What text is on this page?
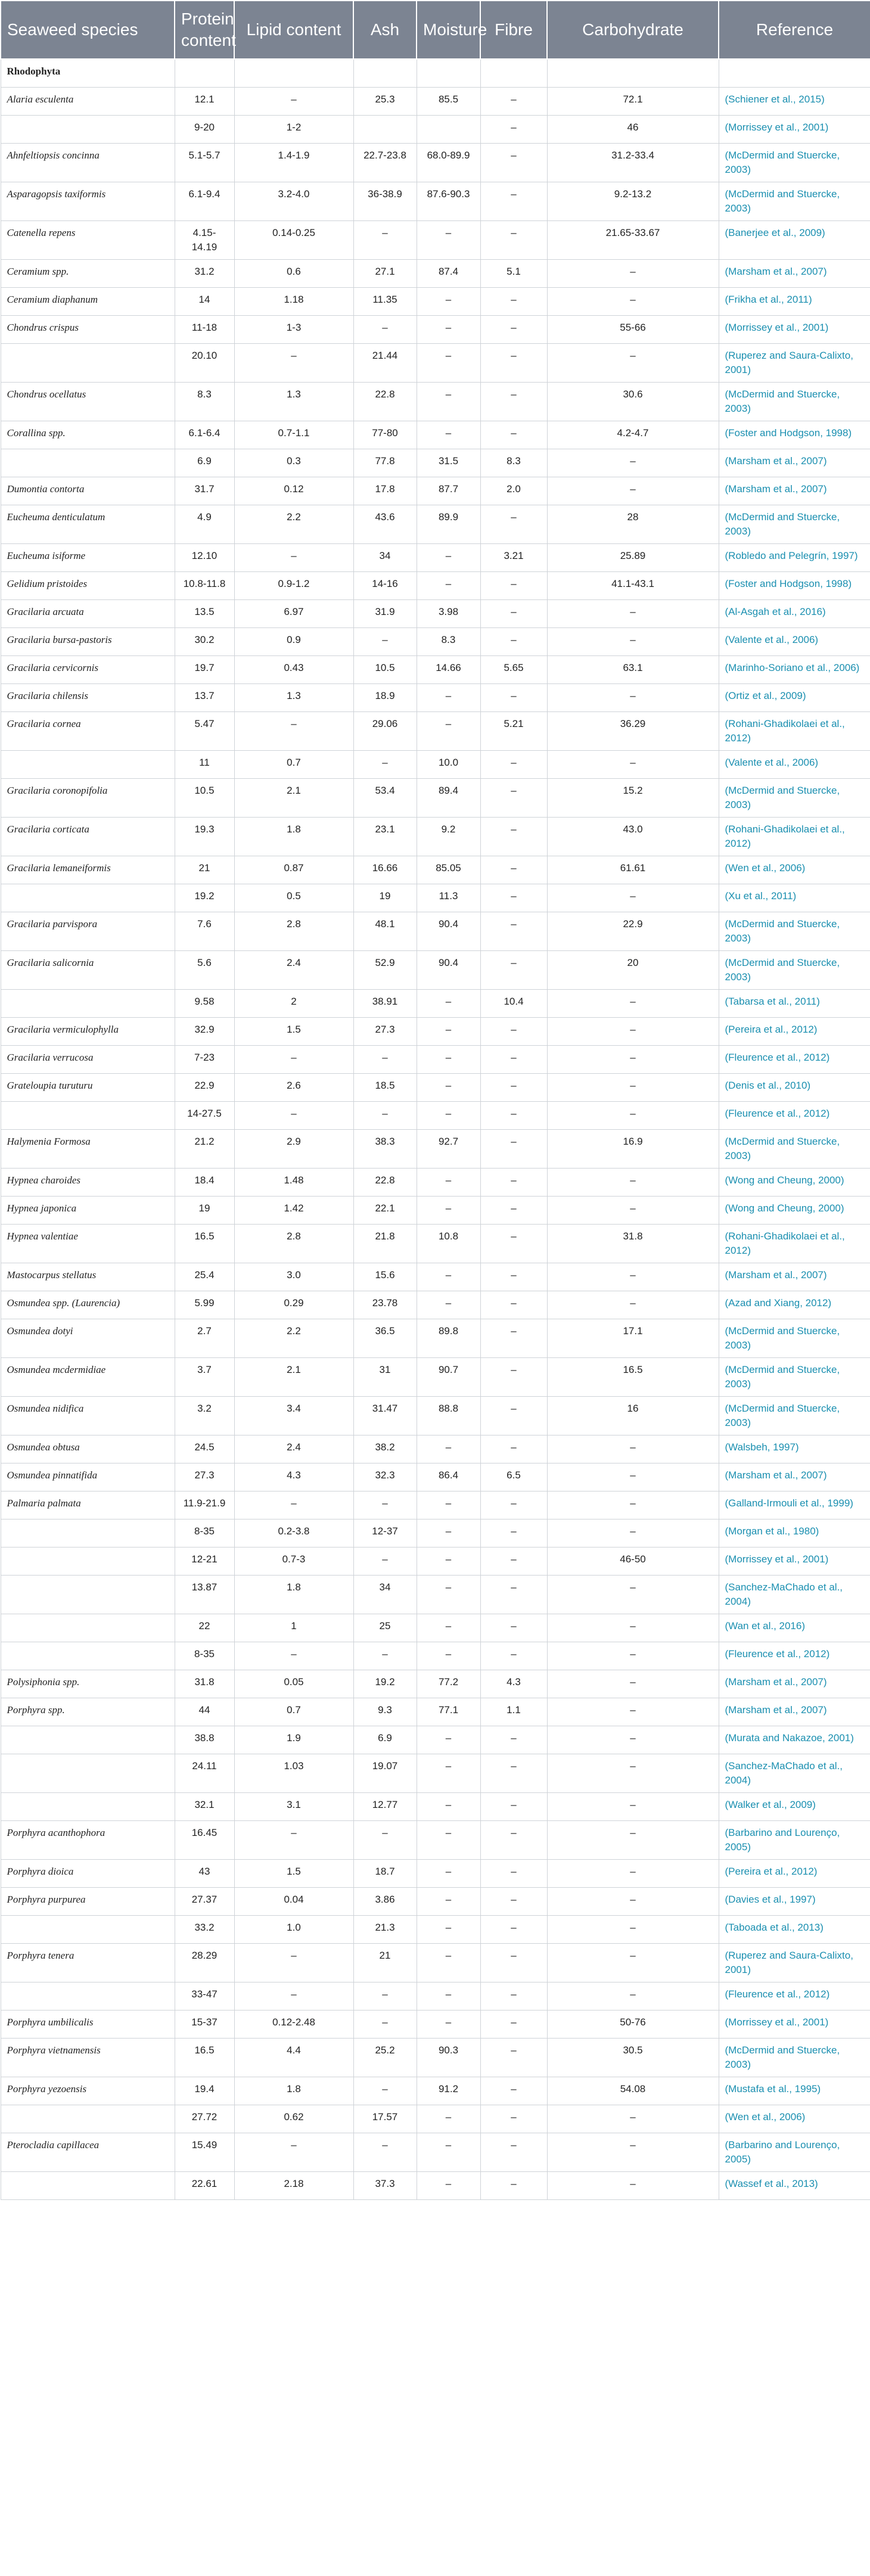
Seaweed species	Protein content	Lipid content	Ash	Moisture	Fibre	Carbohydrate	Reference
Rhodophyta							
Alaria esculenta	12.1	–	25.3	85.5	–	72.1	(Schiener et al., 2015)
	9-20	1-2			–	46	(Morrissey et al., 2001)
Ahnfeltiopsis concinna	5.1-5.7	1.4-1.9	22.7-23.8	68.0-89.9	–	31.2-33.4	(McDermid and Stuercke, 2003)
Asparagopsis taxiformis	6.1-9.4	3.2-4.0	36-38.9	87.6-90.3	–	9.2-13.2	(McDermid and Stuercke, 2003)
Catenella repens	4.15-14.19	0.14-0.25	–	–	–	21.65-33.67	(Banerjee et al., 2009)
Ceramium spp.	31.2	0.6	27.1	87.4	5.1	–	(Marsham et al., 2007)
Ceramium diaphanum	14	1.18	11.35	–	–	–	(Frikha et al., 2011)
Chondrus crispus	11-18	1-3	–	–	–	55-66	(Morrissey et al., 2001)
	20.10	–	21.44	–	–	–	(Ruperez and Saura-Calixto, 2001)
Chondrus ocellatus	8.3	1.3	22.8	–	–	30.6	(McDermid and Stuercke, 2003)
Corallina spp.	6.1-6.4	0.7-1.1	77-80	–	–	4.2-4.7	(Foster and Hodgson, 1998)
	6.9	0.3	77.8	31.5	8.3	–	(Marsham et al., 2007)
Dumontia contorta	31.7	0.12	17.8	87.7	2.0	–	(Marsham et al., 2007)
Eucheuma denticulatum	4.9	2.2	43.6	89.9	–	28	(McDermid and Stuercke, 2003)
Eucheuma isiforme	12.10	–	34	–	3.21	25.89	(Robledo and Pelegrín, 1997)
Gelidium pristoides	10.8-11.8	0.9-1.2	14-16	–	–	41.1-43.1	(Foster and Hodgson, 1998)
Gracilaria arcuata	13.5	6.97	31.9	3.98	–	–	(Al-Asgah et al., 2016)
Gracilaria bursa-pastoris	30.2	0.9	–	8.3	–	–	(Valente et al., 2006)
Gracilaria cervicornis	19.7	0.43	10.5	14.66	5.65	63.1	(Marinho-Soriano et al., 2006)
Gracilaria chilensis	13.7	1.3	18.9	–	–	–	(Ortiz et al., 2009)
Gracilaria cornea	5.47	–	29.06	–	5.21	36.29	(Rohani-Ghadikolaei et al., 2012)
	11	0.7	–	10.0	–	–	(Valente et al., 2006)
Gracilaria coronopifolia	10.5	2.1	53.4	89.4	–	15.2	(McDermid and Stuercke, 2003)
Gracilaria corticata	19.3	1.8	23.1	9.2	–	43.0	(Rohani-Ghadikolaei et al., 2012)
Gracilaria lemaneiformis	21	0.87	16.66	85.05	–	61.61	(Wen et al., 2006)
	19.2	0.5	19	11.3	–	–	(Xu et al., 2011)
Gracilaria parvispora	7.6	2.8	48.1	90.4	–	22.9	(McDermid and Stuercke, 2003)
Gracilaria salicornia	5.6	2.4	52.9	90.4	–	20	(McDermid and Stuercke, 2003)
	9.58	2	38.91	–	10.4	–	(Tabarsa et al., 2011)
Gracilaria vermiculophylla	32.9	1.5	27.3	–	–	–	(Pereira et al., 2012)
Gracilaria verrucosa	7-23	–	–	–	–	–	(Fleurence et al., 2012)
Grateloupia turuturu	22.9	2.6	18.5	–	–	–	(Denis et al., 2010)
	14-27.5	–	–	–	–	–	(Fleurence et al., 2012)
Halymenia Formosa	21.2	2.9	38.3	92.7	–	16.9	(McDermid and Stuercke, 2003)
Hypnea charoides	18.4	1.48	22.8	–	–	–	(Wong and Cheung, 2000)
Hypnea japonica	19	1.42	22.1	–	–	–	(Wong and Cheung, 2000)
Hypnea valentiae	16.5	2.8	21.8	10.8	–	31.8	(Rohani-Ghadikolaei et al., 2012)
Mastocarpus stellatus	25.4	3.0	15.6	–	–	–	(Marsham et al., 2007)
Osmundea spp. (Laurencia)	5.99	0.29	23.78	–	–	–	(Azad and Xiang, 2012)
Osmundea dotyi	2.7	2.2	36.5	89.8	–	17.1	(McDermid and Stuercke, 2003)
Osmundea mcdermidiae	3.7	2.1	31	90.7	–	16.5	(McDermid and Stuercke, 2003)
Osmundea nidifica	3.2	3.4	31.47	88.8	–	16	(McDermid and Stuercke, 2003)
Osmundea obtusa	24.5	2.4	38.2	–	–	–	(Walsbeh, 1997)
Osmundea pinnatifida	27.3	4.3	32.3	86.4	6.5	–	(Marsham et al., 2007)
Palmaria palmata	11.9-21.9	–	–	–	–	–	(Galland-Irmouli et al., 1999)
	8-35	0.2-3.8	12-37	–	–	–	(Morgan et al., 1980)
	12-21	0.7-3	–	–	–	46-50	(Morrissey et al., 2001)
	13.87	1.8	34	–	–	–	(Sanchez-MaChado et al., 2004)
	22	1	25	–	–	–	(Wan et al., 2016)
	8-35	–	–	–	–	–	(Fleurence et al., 2012)
Polysiphonia spp.	31.8	0.05	19.2	77.2	4.3	–	(Marsham et al., 2007)
Porphyra spp.	44	0.7	9.3	77.1	1.1	–	(Marsham et al., 2007)
	38.8	1.9	6.9	–	–	–	(Murata and Nakazoe, 2001)
	24.11	1.03	19.07	–	–	–	(Sanchez-MaChado et al., 2004)
	32.1	3.1	12.77	–	–	–	(Walker et al., 2009)
Porphyra acanthophora	16.45	–	–	–	–	–	(Barbarino and Lourenço, 2005)
Porphyra dioica	43	1.5	18.7	–	–	–	(Pereira et al., 2012)
Porphyra purpurea	27.37	0.04	3.86	–	–	–	(Davies et al., 1997)
	33.2	1.0	21.3	–	–	–	(Taboada et al., 2013)
Porphyra tenera	28.29	–	21	–	–	–	(Ruperez and Saura-Calixto, 2001)
	33-47	–	–	–	–	–	(Fleurence et al., 2012)
Porphyra umbilicalis	15-37	0.12-2.48	–	–	–	50-76	(Morrissey et al., 2001)
Porphyra vietnamensis	16.5	4.4	25.2	90.3	–	30.5	(McDermid and Stuercke, 2003)
Porphyra yezoensis	19.4	1.8	–	91.2	–	54.08	(Mustafa et al., 1995)
	27.72	0.62	17.57	–	–	–	(Wen et al., 2006)
Pterocladia capillacea	15.49	–	–	–	–	–	(Barbarino and Lourenço, 2005)
	22.61	2.18	37.3	–	–	–	(Wassef et al., 2013)
